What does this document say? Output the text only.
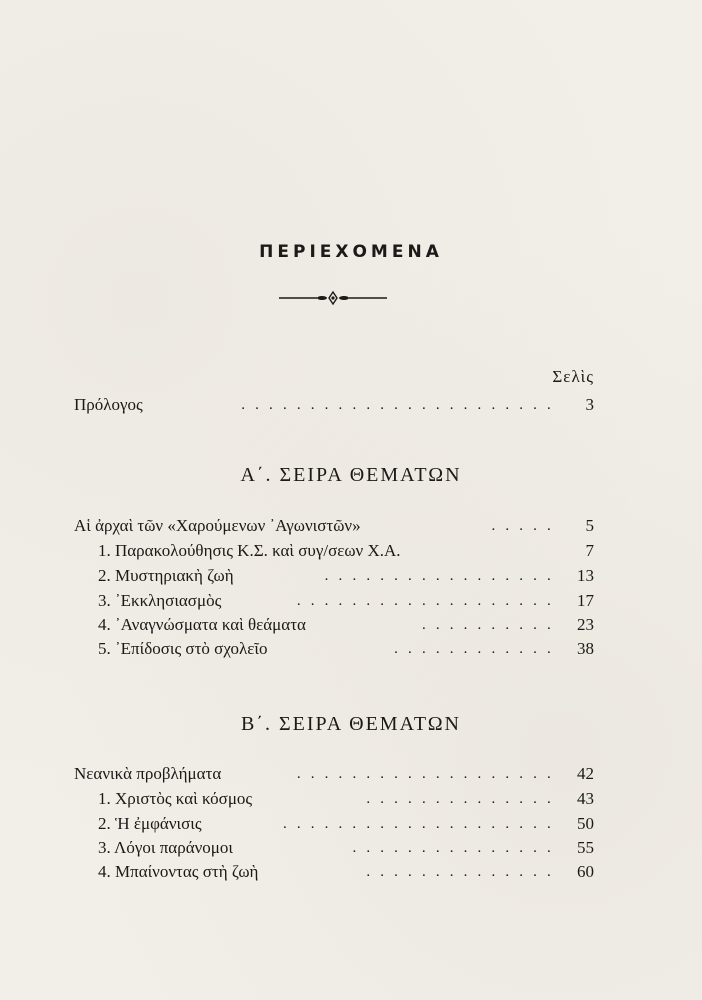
ΠΕΡΙΕΧΟΜΕΝΑ
Σελὶς
Πρόλογος	. . . . . . . . . . . . . . . . . . . . . . . 3
Α΄. ΣΕΙΡΑ ΘΕΜΑΤΩΝ
Αἱ ἀρχαὶ τῶν «Χαρούμενων ᾿Αγωνιστῶν»	. . . . . 5
1. Παρακολούθησις Κ.Σ. καὶ συγ/σεων Χ.Α.	7
2. Μυστηριακὴ ζωὴ	. . . . . . . . . . . . . . . . . 13
3. ᾿Εκκλησιασμὸς	. . . . . . . . . . . . . . . . . . . 17
4. ᾿Αναγνώσματα καὶ θεάματα	. . . . . . . . . . 23
5. ᾿Επίδοσις στὸ σχολεῖο	. . . . . . . . . . . . 38
Β΄. ΣΕΙΡΑ ΘΕΜΑΤΩΝ
Νεανικὰ προβλήματα	. . . . . . . . . . . . . . . . . . . 42
1. Χριστὸς καὶ κόσμος	. . . . . . . . . . . . . . 43
2. Ἡ ἐμφάνισις	. . . . . . . . . . . . . . . . . . . . 50
3. Λόγοι παράνομοι	. . . . . . . . . . . . . . . 55
4. Μπαίνοντας στὴ ζωὴ	. . . . . . . . . . . . . . 60
